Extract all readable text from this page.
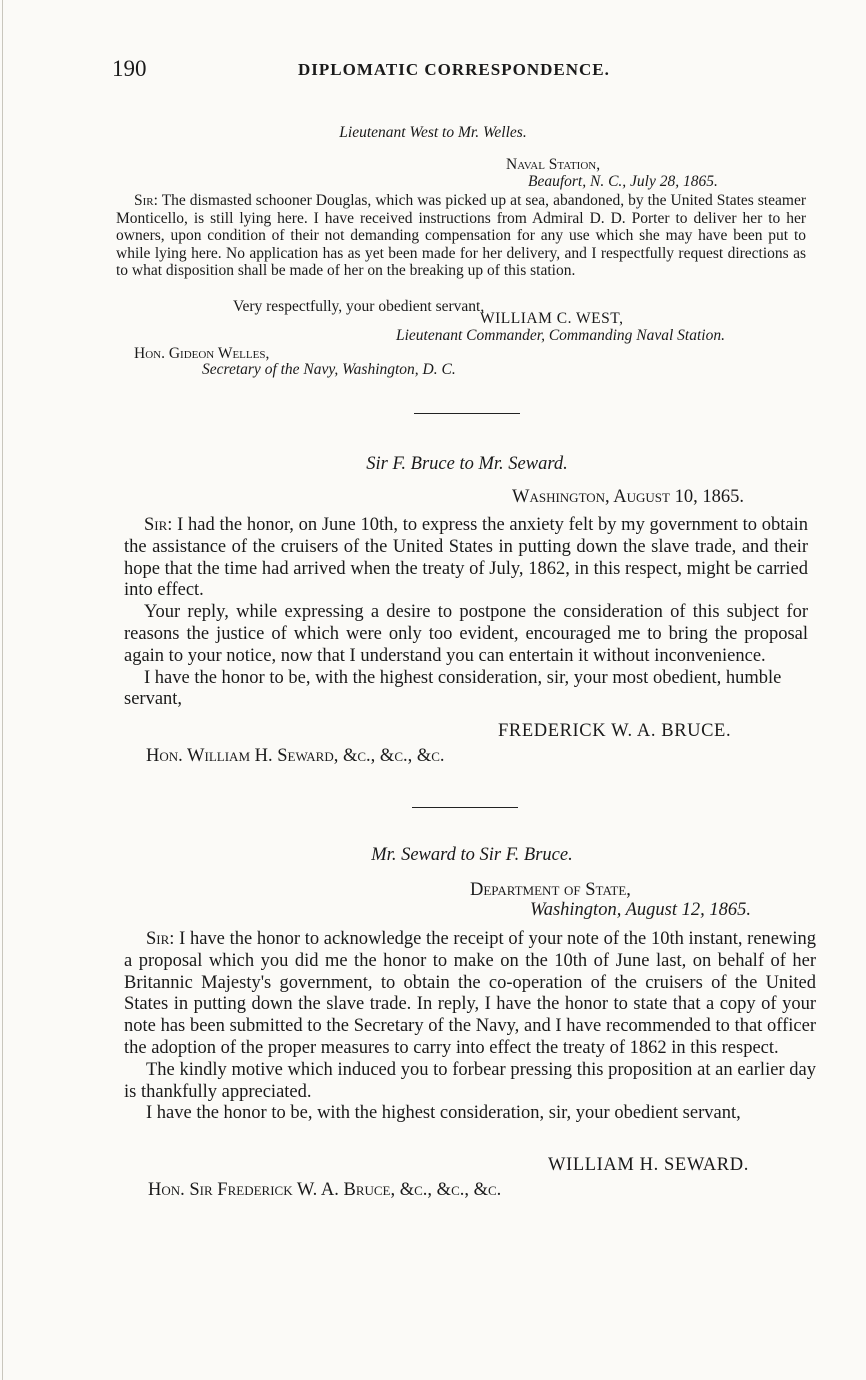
190	DIPLOMATIC CORRESPONDENCE.
Lieutenant West to Mr. Welles.
Naval Station,
Beaufort, N. C., July 28, 1865.
Sir: The dismasted schooner Douglas, which was picked up at sea, abandoned, by the United States steamer Monticello, is still lying here. I have received instructions from Admiral D. D. Porter to deliver her to her owners, upon condition of their not demanding compensation for any use which she may have been put to while lying here. No application has as yet been made for her delivery, and I respectfully request directions as to what disposition shall be made of her on the breaking up of this station.
Very respectfully, your obedient servant,
WILLIAM C. WEST,
Lieutenant Commander, Commanding Naval Station.
Hon. Gideon Welles,
Secretary of the Navy, Washington, D. C.
Sir F. Bruce to Mr. Seward.
Washington, August 10, 1865.
Sir: I had the honor, on June 10th, to express the anxiety felt by my government to obtain the assistance of the cruisers of the United States in putting down the slave trade, and their hope that the time had arrived when the treaty of July, 1862, in this respect, might be carried into effect.
Your reply, while expressing a desire to postpone the consideration of this subject for reasons the justice of which were only too evident, encouraged me to bring the proposal again to your notice, now that I understand you can entertain it without inconvenience.
I have the honor to be, with the highest consideration, sir, your most obedient, humble servant,
FREDERICK W. A. BRUCE.
Hon. William H. Seward, &c., &c., &c.
Mr. Seward to Sir F. Bruce.
Department of State,
Washington, August 12, 1865.
Sir: I have the honor to acknowledge the receipt of your note of the 10th instant, renewing a proposal which you did me the honor to make on the 10th of June last, on behalf of her Britannic Majesty's government, to obtain the co-operation of the cruisers of the United States in putting down the slave trade. In reply, I have the honor to state that a copy of your note has been submitted to the Secretary of the Navy, and I have recommended to that officer the adoption of the proper measures to carry into effect the treaty of 1862 in this respect.
The kindly motive which induced you to forbear pressing this proposition at an earlier day is thankfully appreciated.
I have the honor to be, with the highest consideration, sir, your obedient servant,
WILLIAM H. SEWARD.
Hon. Sir Frederick W. A. Bruce, &c., &c., &c.
